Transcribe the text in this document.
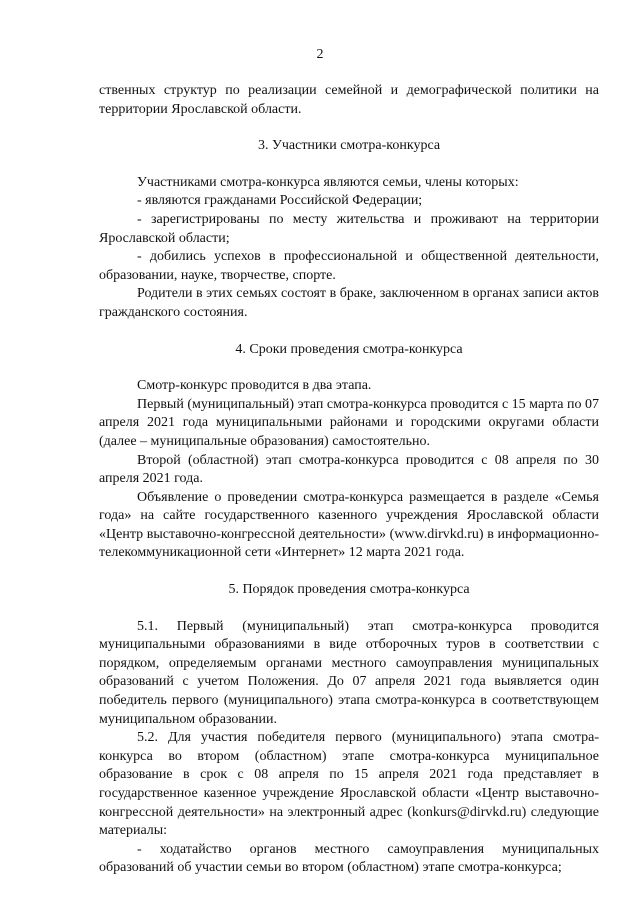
2

ственных структур по реализации семейной и демографической политики на территории Ярославской области.

3. Участники смотра-конкурса

Участниками смотра-конкурса являются семьи, члены которых:

- являются гражданами Российской Федерации;

- зарегистрированы по месту жительства и проживают на территории Ярославской области;

- добились успехов в профессиональной и общественной деятельности, образовании, науке, творчестве, спорте.

Родители в этих семьях состоят в браке, заключенном в органах записи актов гражданского состояния.

4. Сроки проведения смотра-конкурса

Смотр-конкурс проводится в два этапа.

Первый (муниципальный) этап смотра-конкурса проводится с 15 марта по 07 апреля 2021 года муниципальными районами и городскими округами области (далее – муниципальные образования) самостоятельно.

Второй (областной) этап смотра-конкурса проводится с 08 апреля по 30 апреля 2021 года.

Объявление о проведении смотра-конкурса размещается в разделе «Семья года» на сайте государственного казенного учреждения Ярославской области «Центр выставочно-конгрессной деятельности» (www.dirvkd.ru) в информационно-телекоммуникационной сети «Интернет» 12 марта 2021 года.

5. Порядок проведения смотра-конкурса

5.1. Первый (муниципальный) этап смотра-конкурса проводится муниципальными образованиями в виде отборочных туров в соответствии с порядком, определяемым органами местного самоуправления муниципальных образований с учетом Положения. До 07 апреля 2021 года выявляется один победитель первого (муниципального) этапа смотра-конкурса в соответствующем муниципальном образовании.

5.2. Для участия победителя первого (муниципального) этапа смотра-конкурса во втором (областном) этапе смотра-конкурса муниципальное образование в срок с 08 апреля по 15 апреля 2021 года представляет в государственное казенное учреждение Ярославской области «Центр выставочно-конгрессной деятельности» на электронный адрес (konkurs@dirvkd.ru) следующие материалы:

- ходатайство органов местного самоуправления муниципальных образований об участии семьи во втором (областном) этапе смотра-конкурса;
